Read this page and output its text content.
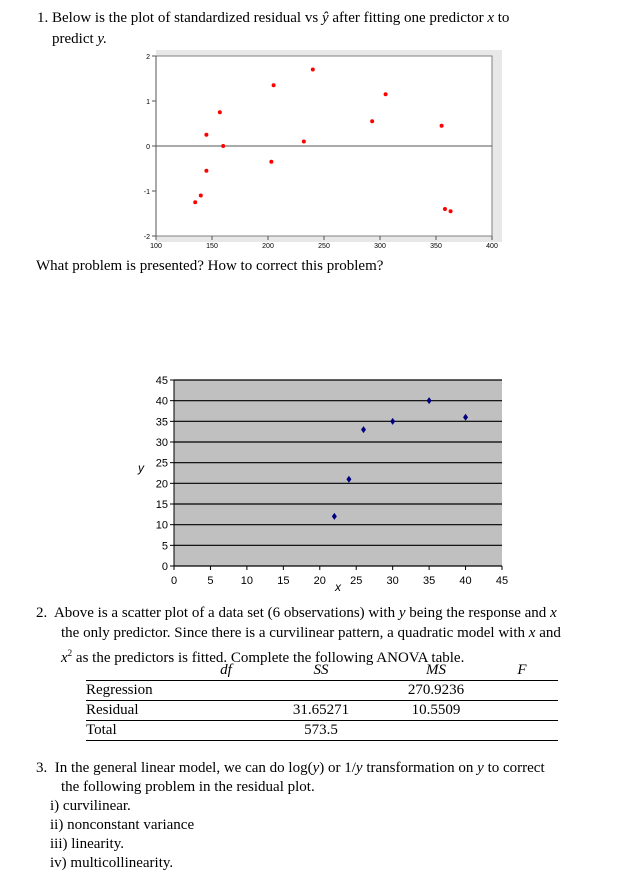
1. Below is the plot of standardized residual vs ŷ after fitting one predictor x to
predict y.
2
1
0
-1
-2
100	150	200	250	300	350	400
What problem is presented? How to correct this problem?
45
40
35
30
25
20
15
10
5
0
0	5 10 15 20 25 30 35 40 45
y
x
2. Above is a scatter plot of a data set (6 observations) with y being the response and x
the only predictor. Since there is a curvilinear pattern, a quadratic model with x and
$x^2$ as the predictors is fitted. Complete the following ANOVA table.
	df	SS	MS	F
Regression			270.9236	
Residual		31.65271	10.5509	
Total		573.5		
3. In the general linear model, we can do log(y) or 1/y transformation on y to correct
the following problem in the residual plot.
i) curvilinear.
ii) nonconstant variance
iii) linearity.
iv) multicollinearity.
